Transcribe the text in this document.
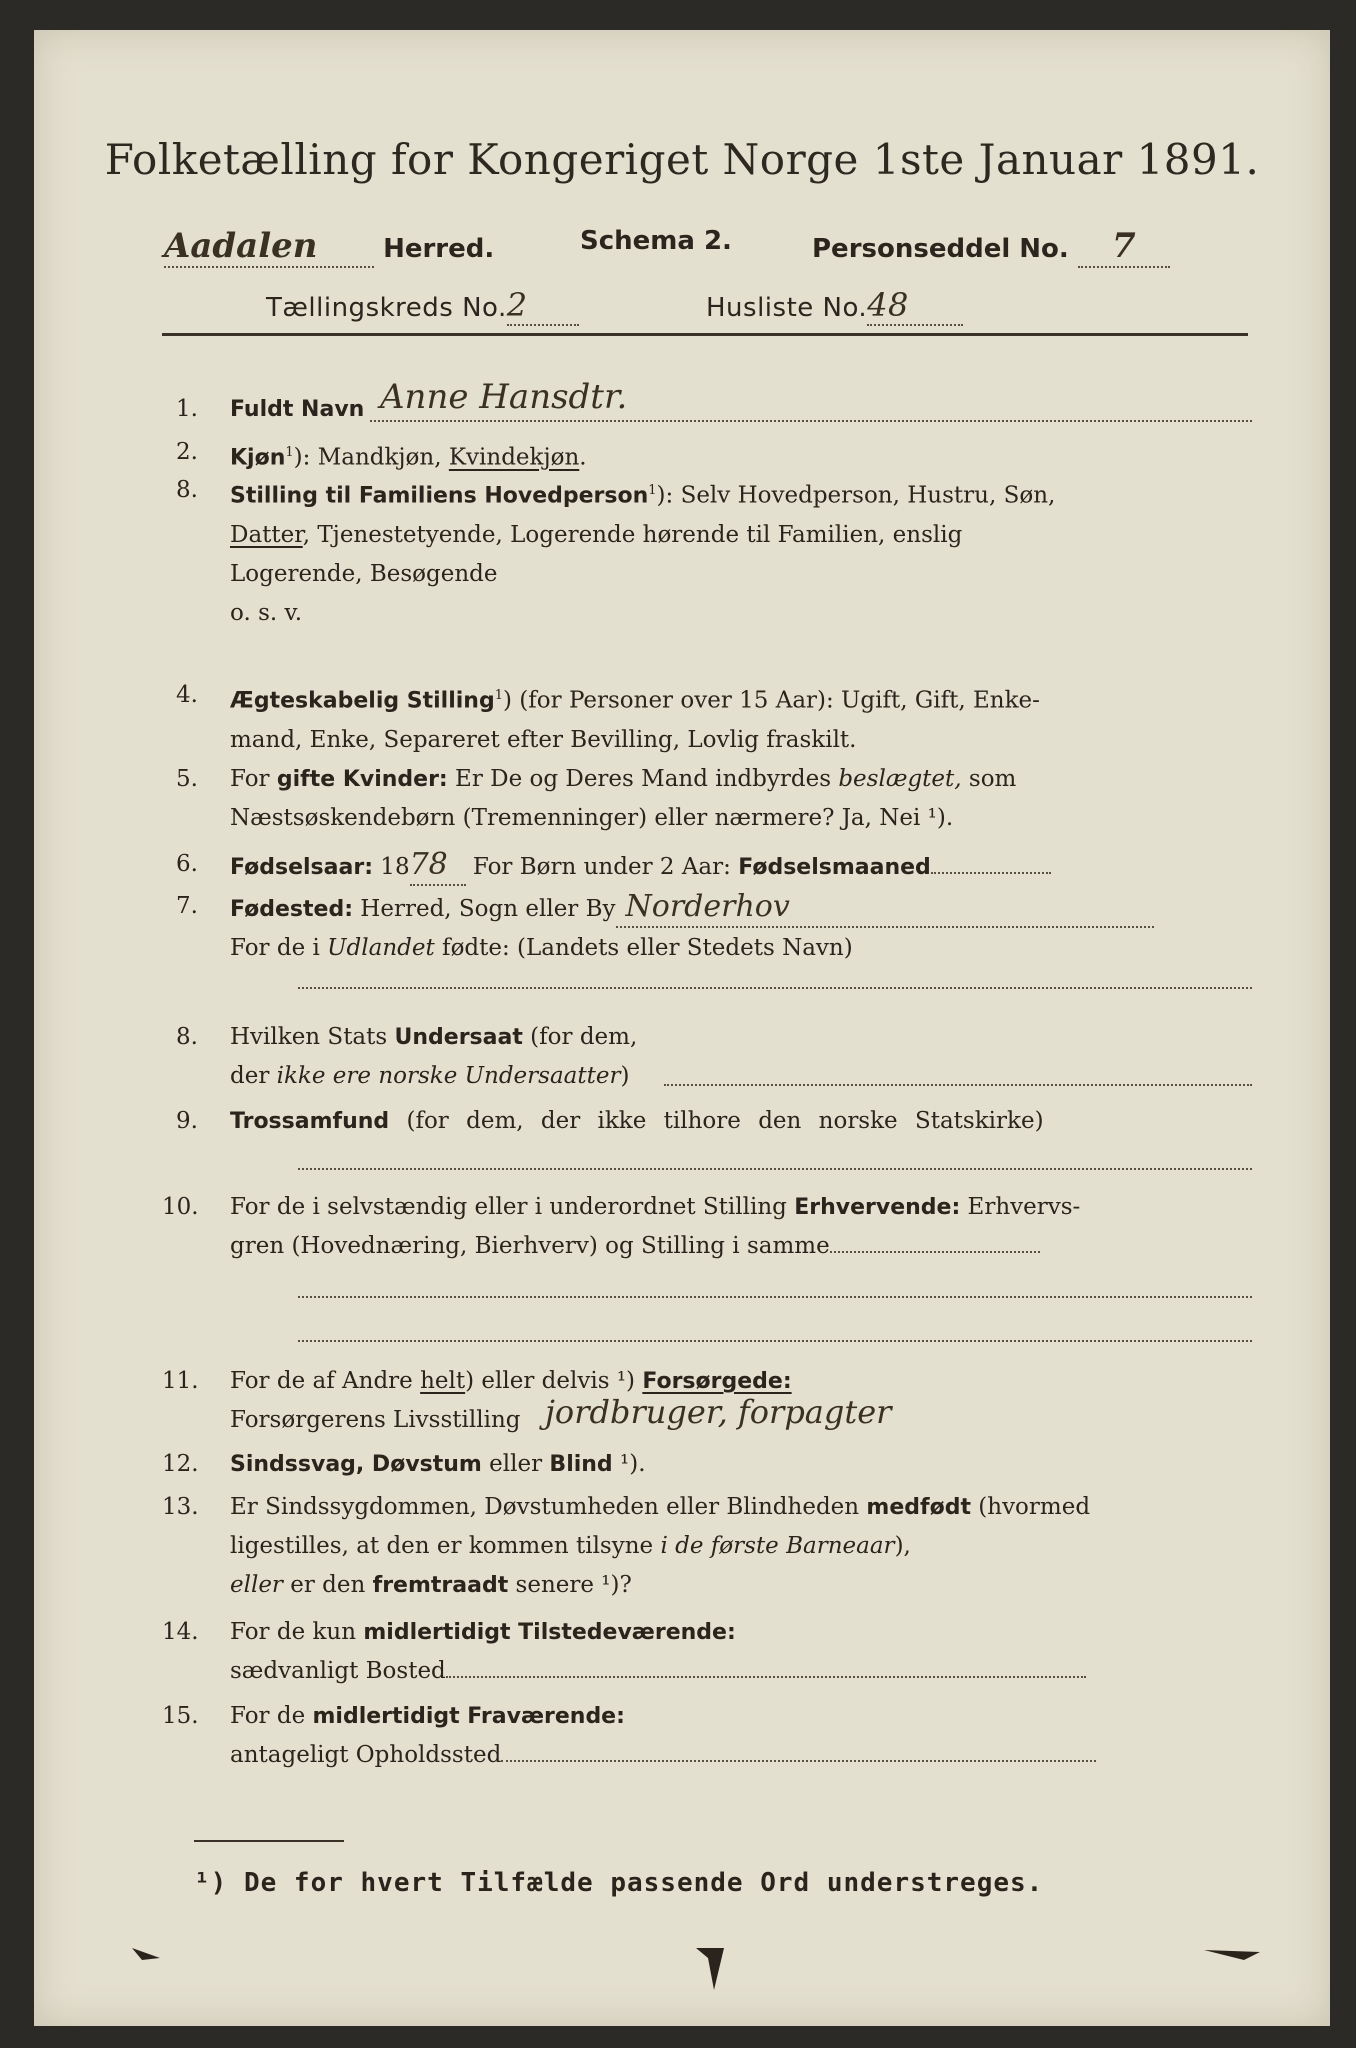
Folketælling for Kongeriget Norge 1ste Januar 1891.
Aadalen	Herred.	Schema 2.	Personseddel No. 7
Tællingskreds No.2	Husliste No.48
1. Fuldt Navn Anne Hansdtr.
2. Kjøn$^1$): Mandkjøn, Kvindekjøn.
8. Stilling til Familiens Hovedperson$^1$): Selv Hovedperson, Hustru, Søn,
Datter, Tjenestetyende, Logerende hørende til Familien, enslig
Logerende, Besøgende
o. s. v.
4. Ægteskabelig Stilling$^1$) (for Personer over 15 Aar): Ugift, Gift, Enke-
mand, Enke, Separeret efter Bevilling, Lovlig fraskilt.
5. For gifte Kvinder: Er De og Deres Mand indbyrdes beslægtet, som
Næstsøskendebørn (Tremenninger) eller nærmere? Ja, Nei ¹).
6. Fødselsaar: 1878 For Børn under 2 Aar: Fødselsmaaned
7. Fødested: Herred, Sogn eller By Norderhov
For de i Udlandet fødte: (Landets eller Stedets Navn)
8. Hvilken Stats Undersaat (for dem,
der ikke ere norske Undersaatter)
9. Trossamfund (for dem, der ikke tilhore den norske Statskirke)
10. For de i selvstændig eller i underordnet Stilling Erhvervende: Erhvervs-
gren (Hovednæring, Bierhverv) og Stilling i samme
11. For de af Andre helt) eller delvis ¹) Forsørgede:
Forsørgerens Livsstilling jordbruger, forpagter
12. Sindssvag, Døvstum eller Blind ¹).
13. Er Sindssygdommen, Døvstumheden eller Blindheden medfødt (hvormed
ligestilles, at den er kommen tilsyne i de første Barneaar),
eller er den fremtraadt senere ¹)?
14. For de kun midlertidigt Tilstedeværende:
sædvanligt Bosted
15. For de midlertidigt Fraværende:
antageligt Opholdssted
¹) De for hvert Tilfælde passende Ord understreges.
